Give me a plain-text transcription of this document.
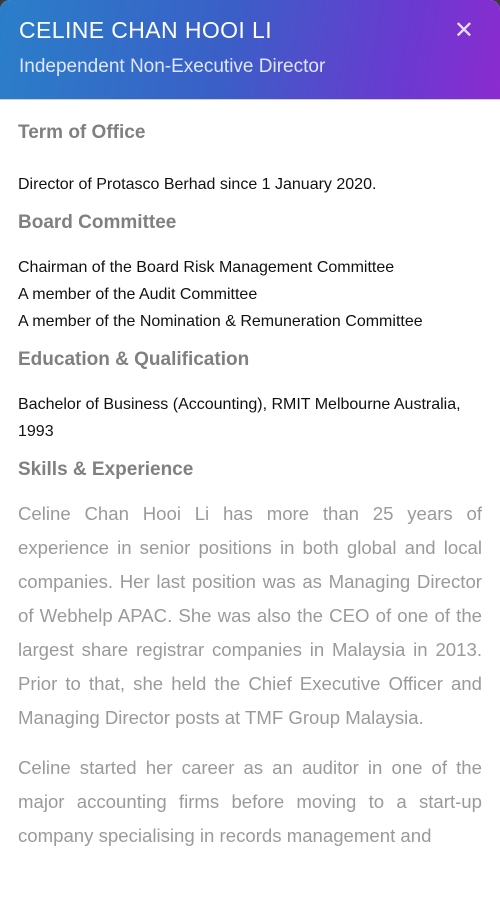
CELINE CHAN HOOI LI
Independent Non-Executive Director
✕
Term of Office
Director of Protasco Berhad since 1 January 2020.
Board Committee
Chairman of the Board Risk Management Committee
A member of the Audit Committee
A member of the Nomination & Remuneration Committee
Education & Qualification
Bachelor of Business (Accounting), RMIT Melbourne Australia, 1993
Skills & Experience
Celine Chan Hooi Li has more than 25 years of experience in senior positions in both global and local companies. Her last position was as Managing Director of Webhelp APAC. She was also the CEO of one of the largest share registrar companies in Malaysia in 2013. Prior to that, she held the Chief Executive Officer and Managing Director posts at TMF Group Malaysia.
Celine started her career as an auditor in one of the major accounting firms before moving to a start-up company specialising in records management and
